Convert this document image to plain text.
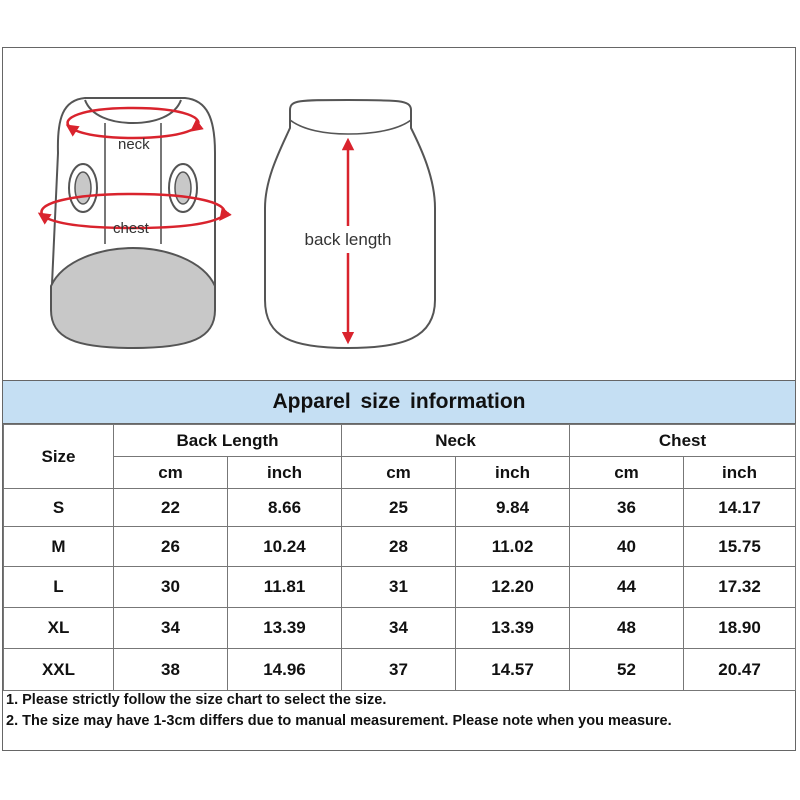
neck
chest
back length
Apparel size information
Size	Back Length		Neck		Chest	
	cm	inch	cm	inch	cm	inch
S	22	8.66	25	9.84	36	14.17
M	26	10.24	28	11.02	40	15.75
L	30	11.81	31	12.20	44	17.32
XL	34	13.39	34	13.39	48	18.90
XXL	38	14.96	37	14.57	52	20.47
1. Please strictly follow the size chart to select the size.
2. The size may have 1-3cm differs due to manual measurement. Please note when you measure.
